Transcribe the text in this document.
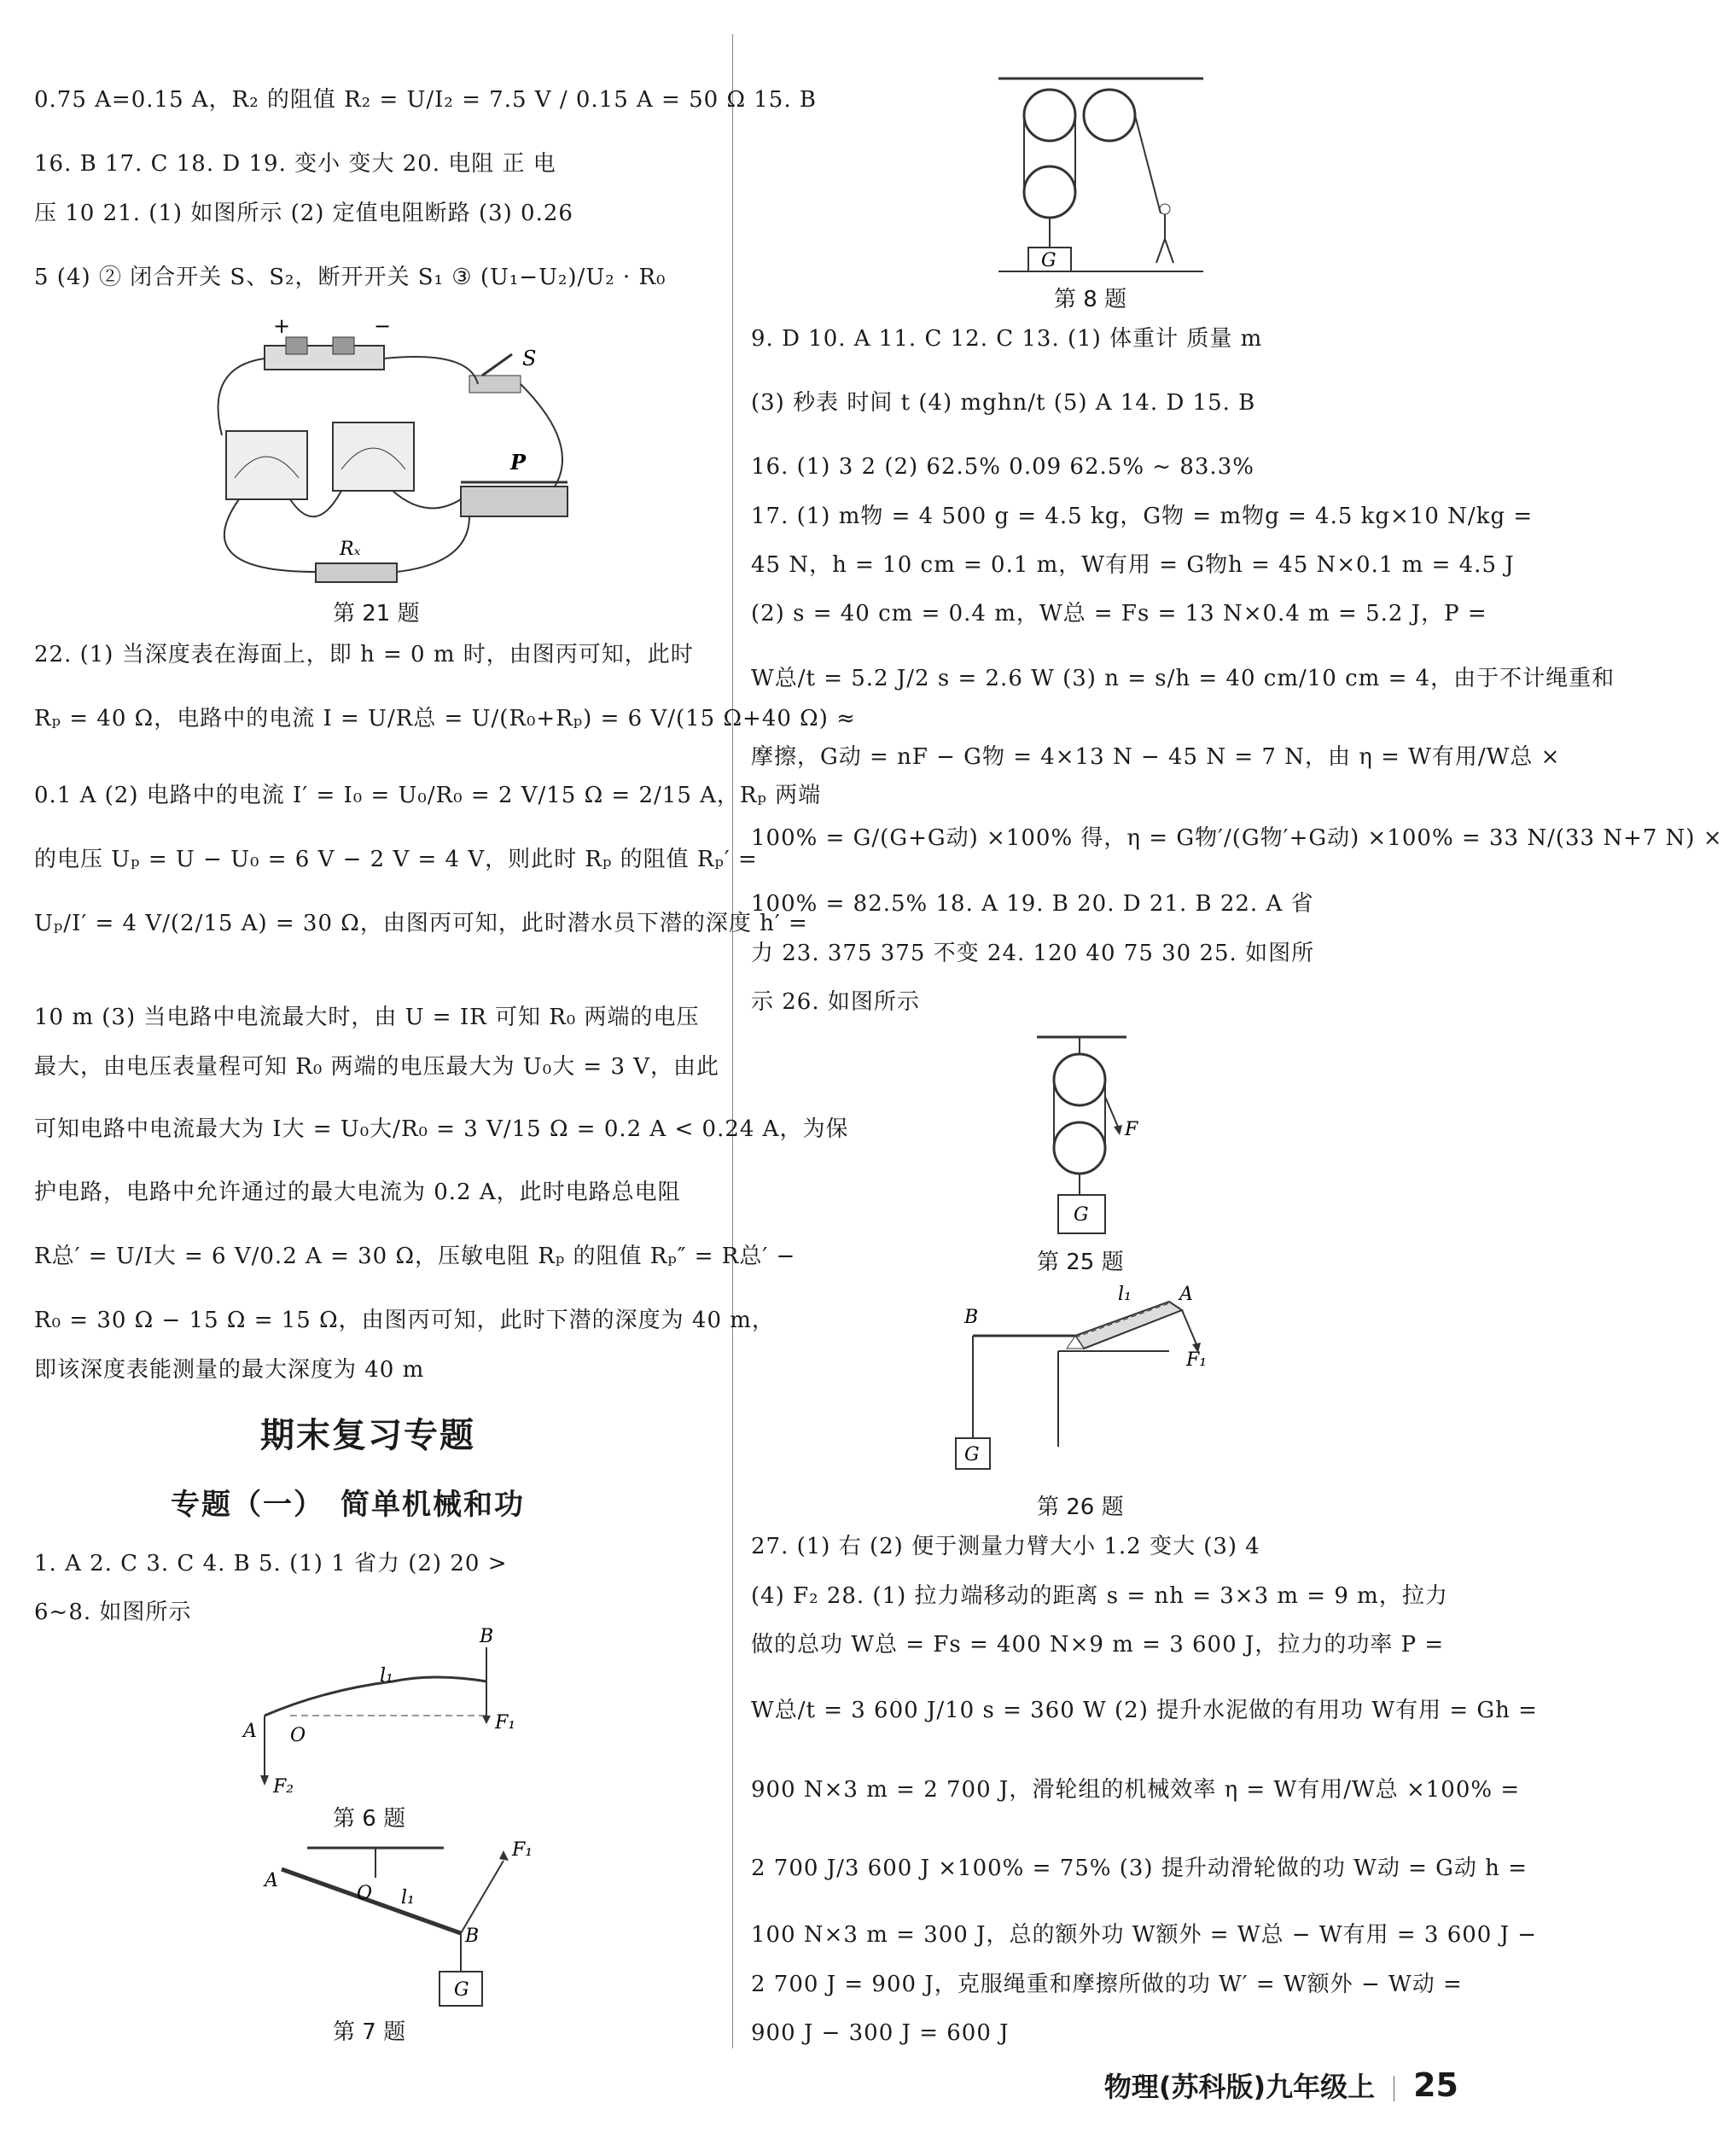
0.75 A=0.15 A，R₂ 的阻值 R₂ = U/I₂ = 7.5 V / 0.15 A = 50 Ω 15. B
16. B 17. C 18. D 19. 变小 变大 20. 电阻 正 电
压 10 21. (1) 如图所示 (2) 定值电阻断路 (3) 0.26
5 (4) ② 闭合开关 S、S₂，断开开关 S₁ ③ (U₁−U₂)/U₂ · R₀
+	−
S
P
Rₓ
第 21 题
22. (1) 当深度表在海面上，即 h = 0 m 时，由图丙可知，此时
Rₚ = 40 Ω，电路中的电流 I = U/R总 = U/(R₀+Rₚ) = 6 V/(15 Ω+40 Ω) ≈
0.1 A (2) 电路中的电流 I′ = I₀ = U₀/R₀ = 2 V/15 Ω = 2/15 A，Rₚ 两端
的电压 Uₚ = U − U₀ = 6 V − 2 V = 4 V，则此时 Rₚ 的阻值 Rₚ′ =
Uₚ/I′ = 4 V/(2/15 A) = 30 Ω，由图丙可知，此时潜水员下潜的深度 h′ =
10 m (3) 当电路中电流最大时，由 U = IR 可知 R₀ 两端的电压
最大，由电压表量程可知 R₀ 两端的电压最大为 U₀大 = 3 V，由此
可知电路中电流最大为 I大 = U₀大/R₀ = 3 V/15 Ω = 0.2 A < 0.24 A，为保
护电路，电路中允许通过的最大电流为 0.2 A，此时电路总电阻
R总′ = U/I大 = 6 V/0.2 A = 30 Ω，压敏电阻 Rₚ 的阻值 Rₚ″ = R总′ −
R₀ = 30 Ω − 15 Ω = 15 Ω，由图丙可知，此时下潜的深度为 40 m，
即该深度表能测量的最大深度为 40 m
期末复习专题
专题（一）　简单机械和功
1. A 2. C 3. C 4. B 5. (1) 1 省力 (2) 20 >
6~8. 如图所示
B
A O
l₁
F₁
F₂
第 6 题
G
A
O l₁
B
F₁
第 7 题
G
第 8 题
9. D 10. A 11. C 12. C 13. (1) 体重计 质量 m
(3) 秒表 时间 t (4) mghn/t (5) A 14. D 15. B
16. (1) 3 2 (2) 62.5% 0.09 62.5% ~ 83.3%
17. (1) m物 = 4 500 g = 4.5 kg，G物 = m物g = 4.5 kg×10 N/kg =
45 N，h = 10 cm = 0.1 m，W有用 = G物h = 45 N×0.1 m = 4.5 J
(2) s = 40 cm = 0.4 m，W总 = Fs = 13 N×0.4 m = 5.2 J，P =
W总/t = 5.2 J/2 s = 2.6 W (3) n = s/h = 40 cm/10 cm = 4，由于不计绳重和
摩擦，G动 = nF − G物 = 4×13 N − 45 N = 7 N，由 η = W有用/W总 ×
100% = G/(G+G动) ×100% 得，η = G物′/(G物′+G动) ×100% = 33 N/(33 N+7 N) ×
100% = 82.5% 18. A 19. B 20. D 21. B 22. A 省
力 23. 375 375 不变 24. 120 40 75 30 25. 如图所
示 26. 如图所示
F
G
第 25 题
G
B
A
l₁
F₁
第 26 题
27. (1) 右 (2) 便于测量力臂大小 1.2 变大 (3) 4
(4) F₂ 28. (1) 拉力端移动的距离 s = nh = 3×3 m = 9 m，拉力
做的总功 W总 = Fs = 400 N×9 m = 3 600 J，拉力的功率 P =
W总/t = 3 600 J/10 s = 360 W (2) 提升水泥做的有用功 W有用 = Gh =
900 N×3 m = 2 700 J，滑轮组的机械效率 η = W有用/W总 ×100% =
2 700 J/3 600 J ×100% = 75% (3) 提升动滑轮做的功 W动 = G动 h =
100 N×3 m = 300 J，总的额外功 W额外 = W总 − W有用 = 3 600 J −
2 700 J = 900 J，克服绳重和摩擦所做的功 W′ = W额外 − W动 =
900 J − 300 J = 600 J
物理(苏科版)九年级上 25
